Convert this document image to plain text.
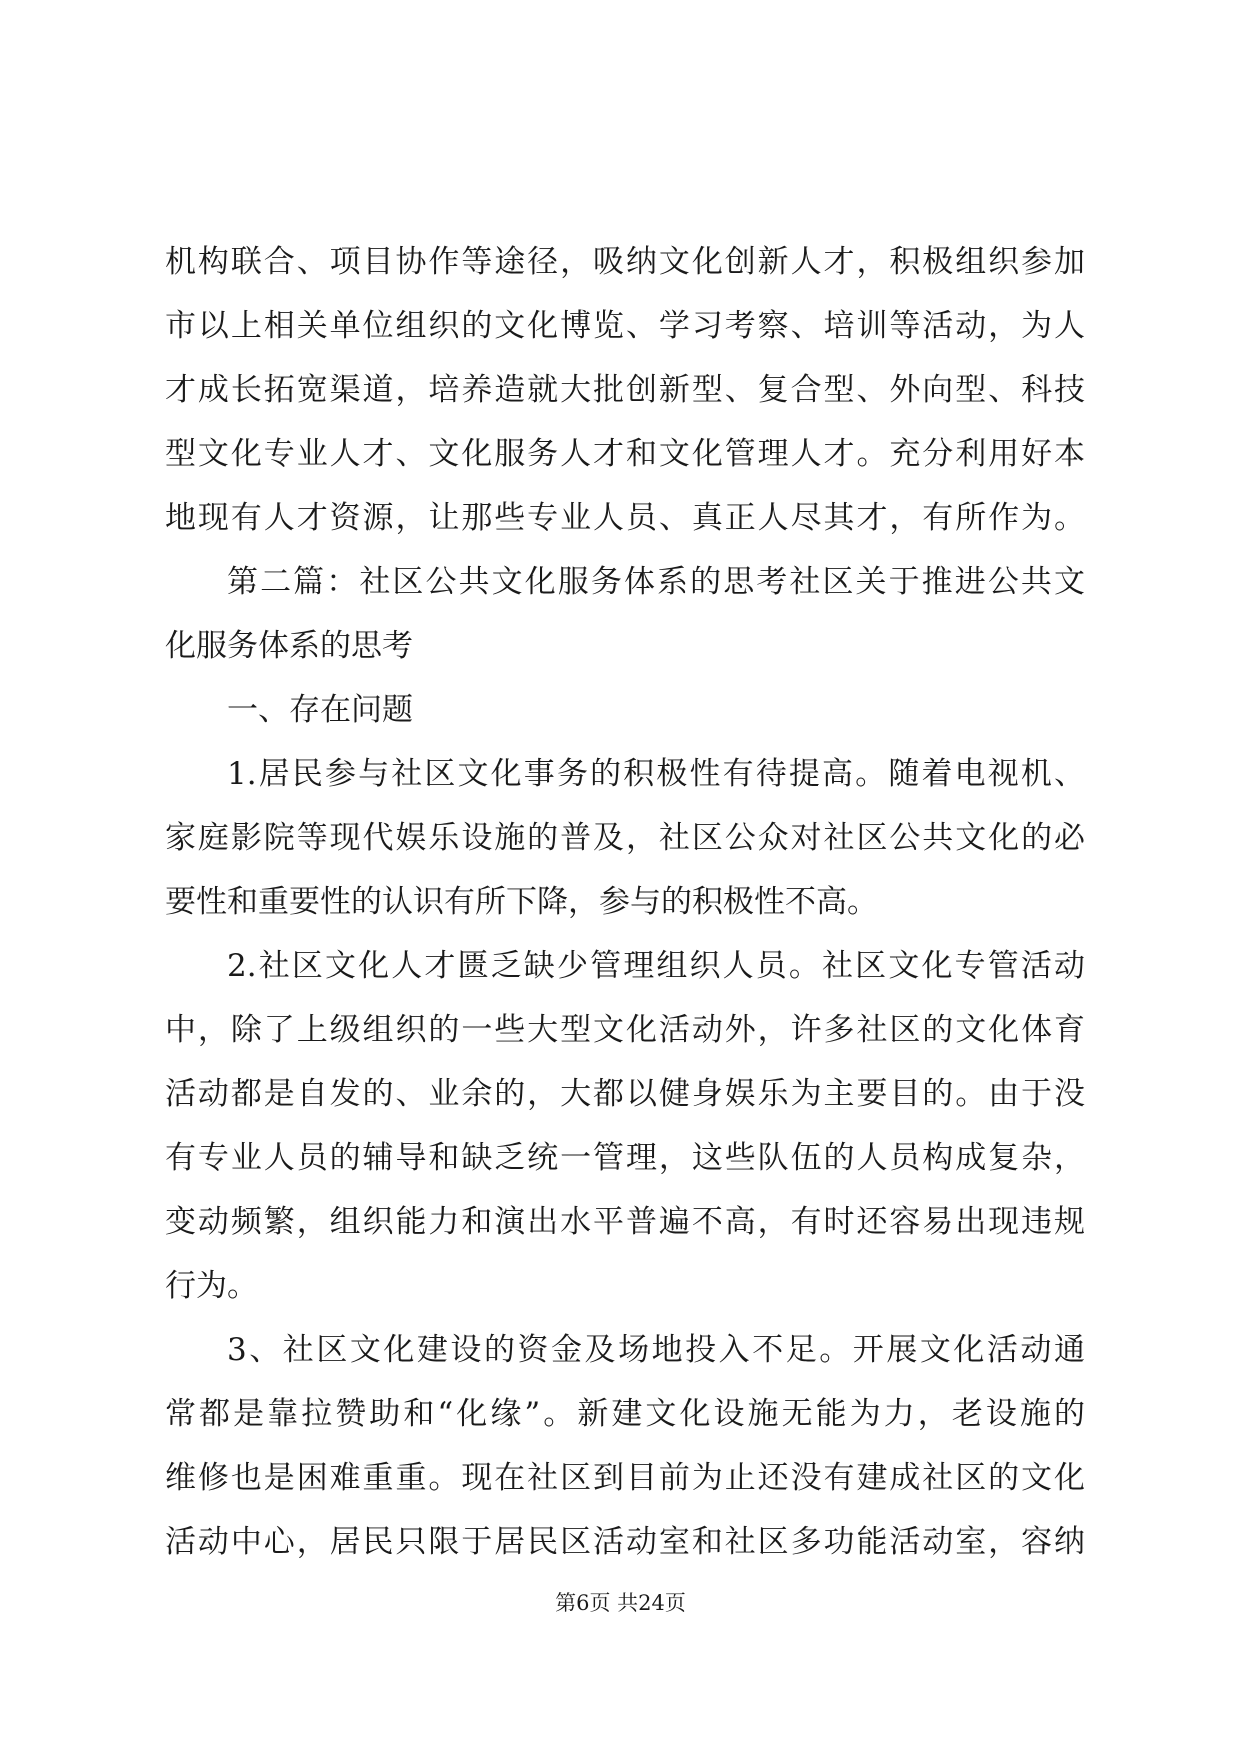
机构联合、项目协作等途径，吸纳文化创新人才，积极组织参加
市以上相关单位组织的文化博览、学习考察、培训等活动，为人
才成长拓宽渠道，培养造就大批创新型、复合型、外向型、科技
型文化专业人才、文化服务人才和文化管理人才。充分利用好本
地现有人才资源，让那些专业人员、真正人尽其才，有所作为。
第二篇：社区公共文化服务体系的思考社区关于推进公共文
化服务体系的思考
一、存在问题
1.居民参与社区文化事务的积极性有待提高。随着电视机、
家庭影院等现代娱乐设施的普及，社区公众对社区公共文化的必
要性和重要性的认识有所下降，参与的积极性不高。
2.社区文化人才匮乏缺少管理组织人员。社区文化专管活动
中，除了上级组织的一些大型文化活动外，许多社区的文化体育
活动都是自发的、业余的，大都以健身娱乐为主要目的。由于没
有专业人员的辅导和缺乏统一管理，这些队伍的人员构成复杂，
变动频繁，组织能力和演出水平普遍不高，有时还容易出现违规
行为。
3、社区文化建设的资金及场地投入不足。开展文化活动通
常都是靠拉赞助和“化缘”。新建文化设施无能为力，老设施的
维修也是困难重重。现在社区到目前为止还没有建成社区的文化
活动中心，居民只限于居民区活动室和社区多功能活动室，容纳
第6页 共24页
